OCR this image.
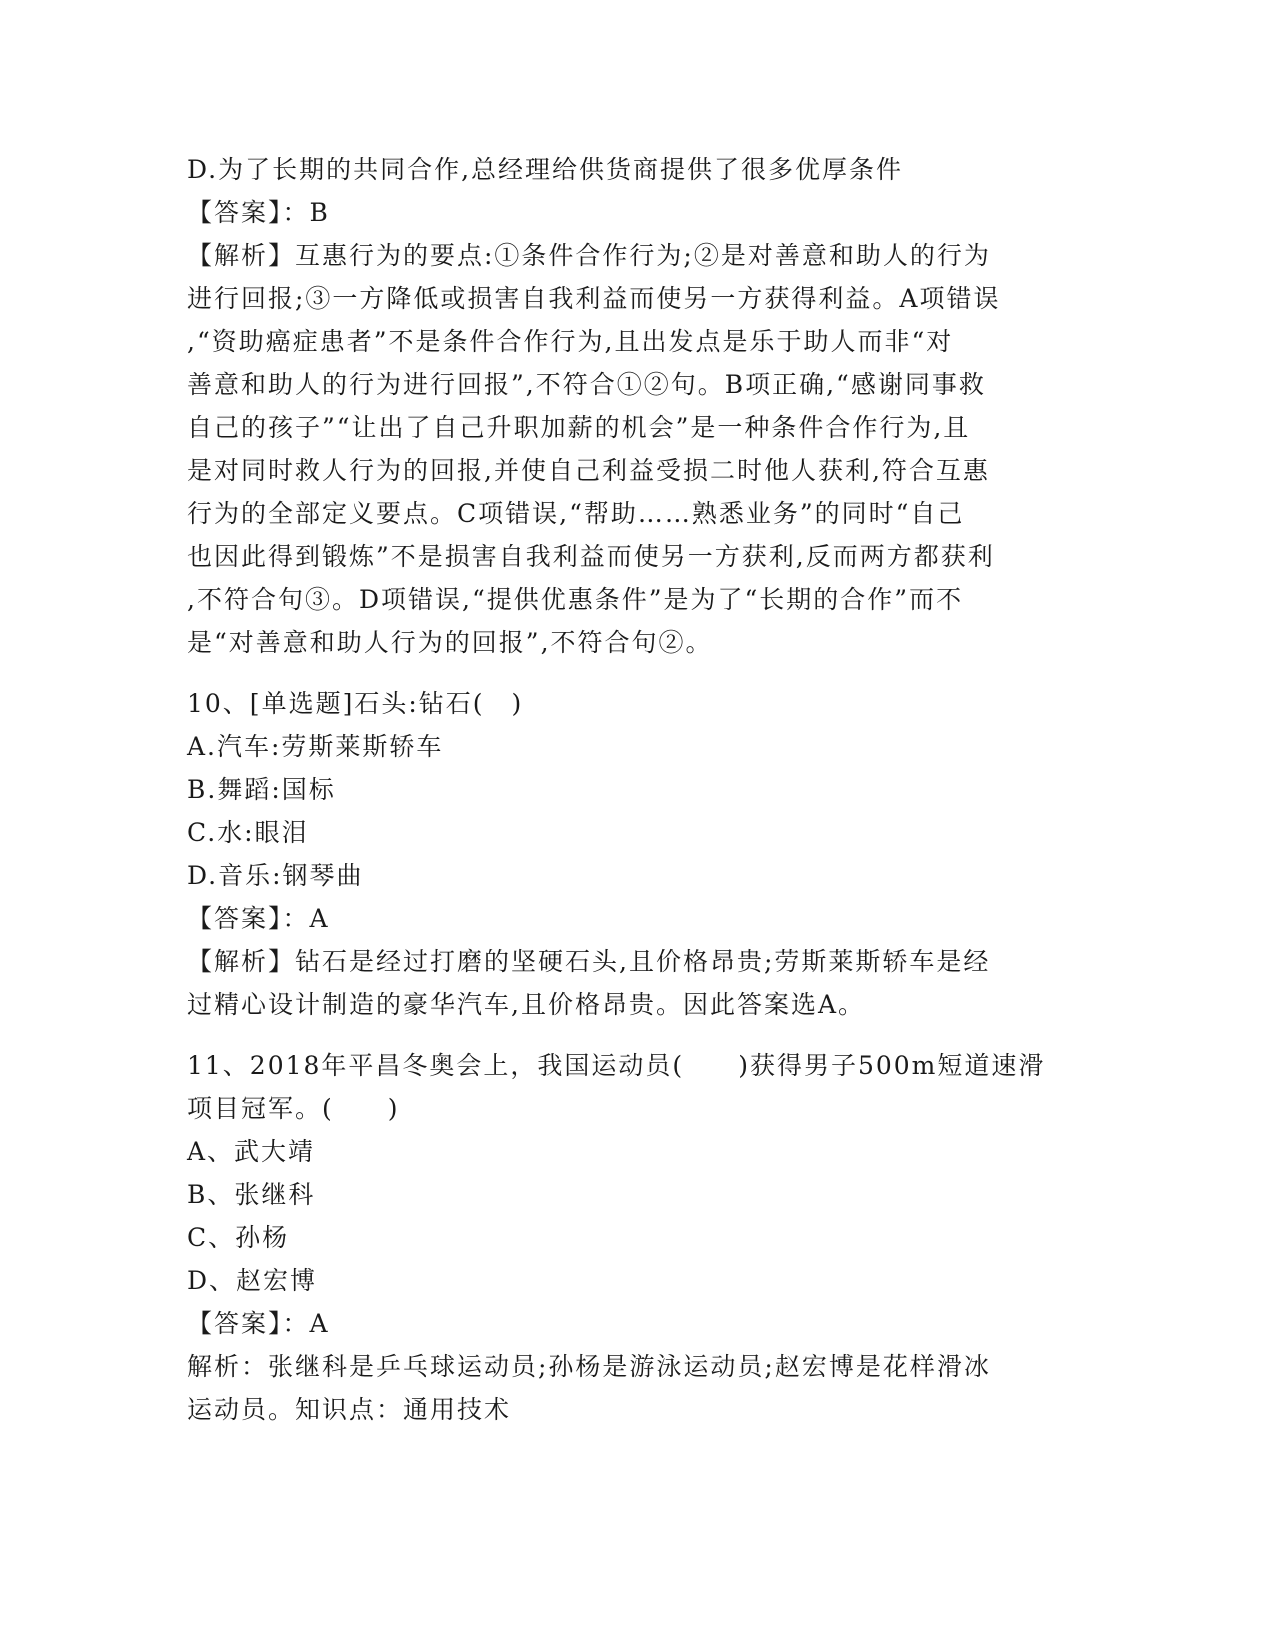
D.为了长期的共同合作,总经理给供货商提供了很多优厚条件
【答案】：B
【解析】互惠行为的要点:①条件合作行为;②是对善意和助人的行为
进行回报;③一方降低或损害自我利益而使另一方获得利益。A项错误
,“资助癌症患者”不是条件合作行为,且出发点是乐于助人而非“对
善意和助人的行为进行回报”,不符合①②句。B项正确,“感谢同事救
自己的孩子”“让出了自己升职加薪的机会”是一种条件合作行为,且
是对同时救人行为的回报,并使自己利益受损二时他人获利,符合互惠
行为的全部定义要点。C项错误,“帮助……熟悉业务”的同时“自己
也因此得到锻炼”不是损害自我利益而使另一方获利,反而两方都获利
,不符合句③。D项错误,“提供优惠条件”是为了“长期的合作”而不
是“对善意和助人行为的回报”,不符合句②。
10、[单选题]石头:钻石(　)
A.汽车:劳斯莱斯轿车
B.舞蹈:国标
C.水:眼泪
D.音乐:钢琴曲
【答案】：A
【解析】钻石是经过打磨的坚硬石头,且价格昂贵;劳斯莱斯轿车是经
过精心设计制造的豪华汽车,且价格昂贵。因此答案选A。
11、2018年平昌冬奥会上，我国运动员(　　)获得男子500m短道速滑
项目冠军。(　　)
A、武大靖
B、张继科
C、孙杨
D、赵宏博
【答案】：A
解析：张继科是乒乓球运动员;孙杨是游泳运动员;赵宏博是花样滑冰
运动员。知识点：通用技术
